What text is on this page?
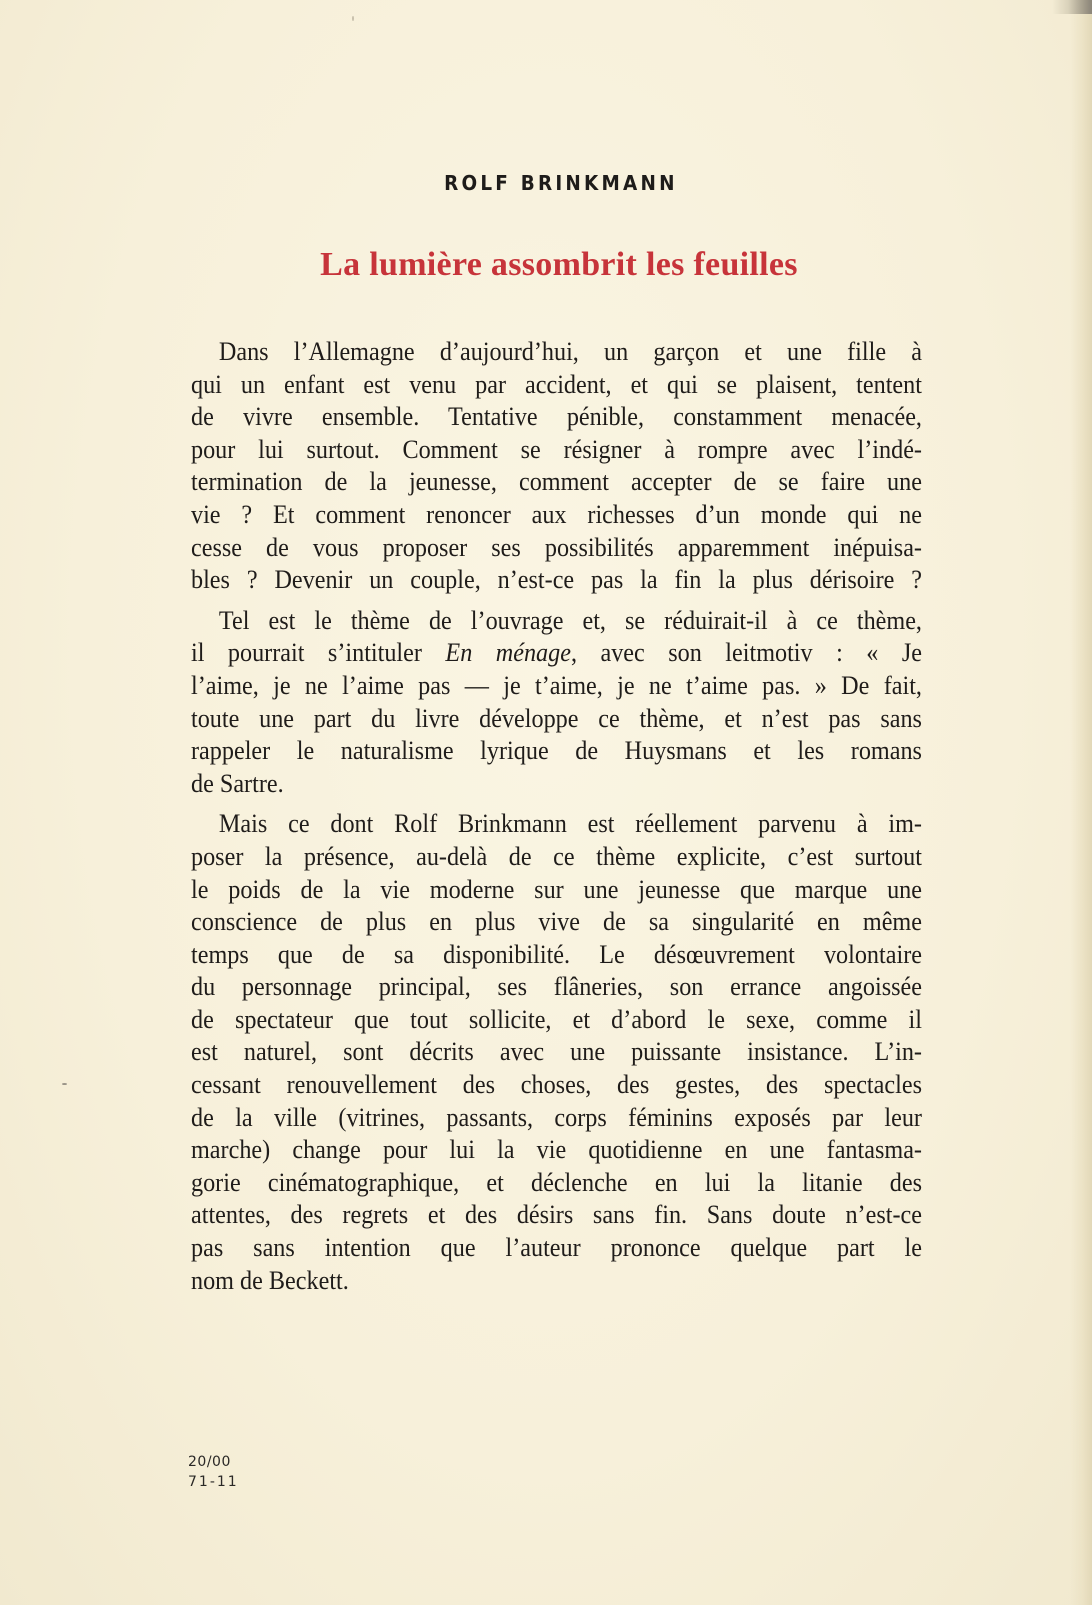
ROLF BRINKMANN
La lumière assombrit les feuilles
Dans l’Allemagne d’aujourd’hui, un garçon et une fille à
qui un enfant est venu par accident, et qui se plaisent, tentent
de vivre ensemble. Tentative pénible, constamment menacée,
pour lui surtout. Comment se résigner à rompre avec l’indé-
termination de la jeunesse, comment accepter de se faire une
vie ? Et comment renoncer aux richesses d’un monde qui ne
cesse de vous proposer ses possibilités apparemment inépuisa-
bles ? Devenir un couple, n’est-ce pas la fin la plus dérisoire ?
Tel est le thème de l’ouvrage et, se réduirait-il à ce thème,
il pourrait s’intituler En ménage, avec son leitmotiv : « Je
l’aime, je ne l’aime pas — je t’aime, je ne t’aime pas. » De fait,
toute une part du livre développe ce thème, et n’est pas sans
rappeler le naturalisme lyrique de Huysmans et les romans
de Sartre.
Mais ce dont Rolf Brinkmann est réellement parvenu à im-
poser la présence, au-delà de ce thème explicite, c’est surtout
le poids de la vie moderne sur une jeunesse que marque une
conscience de plus en plus vive de sa singularité en même
temps que de sa disponibilité. Le désœuvrement volontaire
du personnage principal, ses flâneries, son errance angoissée
de spectateur que tout sollicite, et d’abord le sexe, comme il
est naturel, sont décrits avec une puissante insistance. L’in-
cessant renouvellement des choses, des gestes, des spectacles
de la ville (vitrines, passants, corps féminins exposés par leur
marche) change pour lui la vie quotidienne en une fantasma-
gorie cinématographique, et déclenche en lui la litanie des
attentes, des regrets et des désirs sans fin. Sans doute n’est-ce
pas sans intention que l’auteur prononce quelque part le
nom de Beckett.
20/00
71-11
